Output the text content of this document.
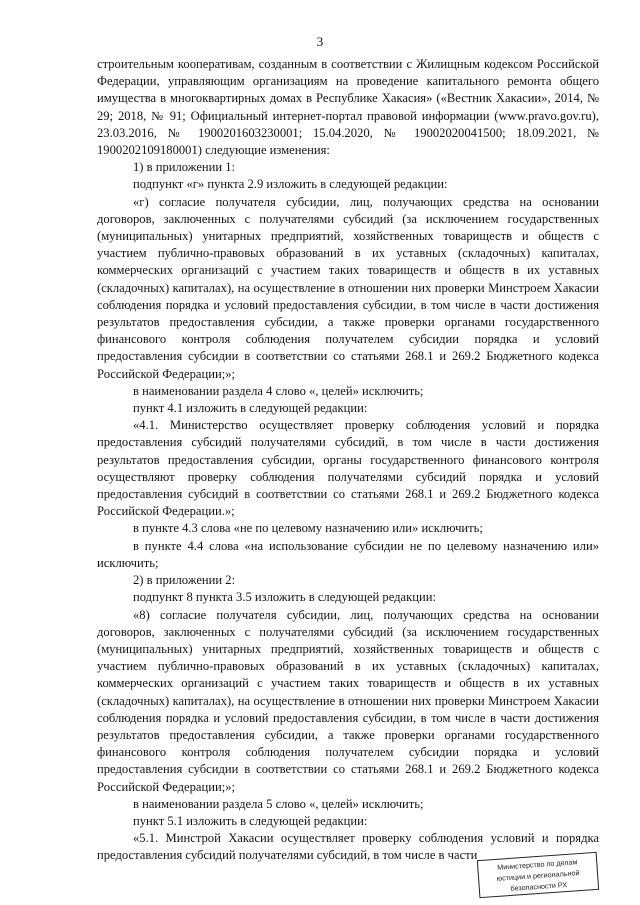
3

строительным кооперативам, созданным в соответствии с Жилищным кодексом Российской Федерации, управляющим организациям на проведение капитального ремонта общего имущества в многоквартирных домах в Республике Хакасия» («Вестник Хакасии», 2014, № 29; 2018, № 91; Официальный интернет-портал правовой информации (www.pravo.gov.ru), 23.03.2016, № 1900201603230001; 15.04.2020, № 19002020041500; 18.09.2021, № 1900202109180001) следующие изменения:

1) в приложении 1:

подпункт «г» пункта 2.9 изложить в следующей редакции:

«г) согласие получателя субсидии, лиц, получающих средства на основании договоров, заключенных с получателями субсидий (за исключением государственных (муниципальных) унитарных предприятий, хозяйственных товариществ и обществ с участием публично-правовых образований в их уставных (складочных) капиталах, коммерческих организаций с участием таких товариществ и обществ в их уставных (складочных) капиталах), на осуществление в отношении них проверки Минстроем Хакасии соблюдения порядка и условий предоставления субсидии, в том числе в части достижения результатов предоставления субсидии, а также проверки органами государственного финансового контроля соблюдения получателем субсидии порядка и условий предоставления субсидии в соответствии со статьями 268.1 и 269.2 Бюджетного кодекса Российской Федерации;»;

в наименовании раздела 4 слово «, целей» исключить;

пункт 4.1 изложить в следующей редакции:

«4.1. Министерство осуществляет проверку соблюдения условий и порядка предоставления субсидий получателями субсидий, в том числе в части достижения результатов предоставления субсидии, органы государственного финансового контроля осуществляют проверку соблюдения получателями субсидий порядка и условий предоставления субсидий в соответствии со статьями 268.1 и 269.2 Бюджетного кодекса Российской Федерации.»;

в пункте 4.3 слова «не по целевому назначению или» исключить;

в пункте 4.4 слова «на использование субсидии не по целевому назначению или» исключить;

2) в приложении 2:

подпункт 8 пункта 3.5 изложить в следующей редакции:

«8) согласие получателя субсидии, лиц, получающих средства на основании договоров, заключенных с получателями субсидий (за исключением государственных (муниципальных) унитарных предприятий, хозяйственных товариществ и обществ с участием публично-правовых образований в их уставных (складочных) капиталах, коммерческих организаций с участием таких товариществ и обществ в их уставных (складочных) капиталах), на осуществление в отношении них проверки Минстроем Хакасии соблюдения порядка и условий предоставления субсидии, в том числе в части достижения результатов предоставления субсидии, а также проверки органами государственного финансового контроля соблюдения получателем субсидии порядка и условий предоставления субсидии в соответствии со статьями 268.1 и 269.2 Бюджетного кодекса Российской Федерации;»;

в наименовании раздела 5 слово «, целей» исключить;

пункт 5.1 изложить в следующей редакции:

«5.1. Минстрой Хакасии осуществляет проверку соблюдения условий и порядка предоставления субсидий получателями субсидий, в том числе в части

Министерство по делам
юстиции и региональной
безопасности РХ
